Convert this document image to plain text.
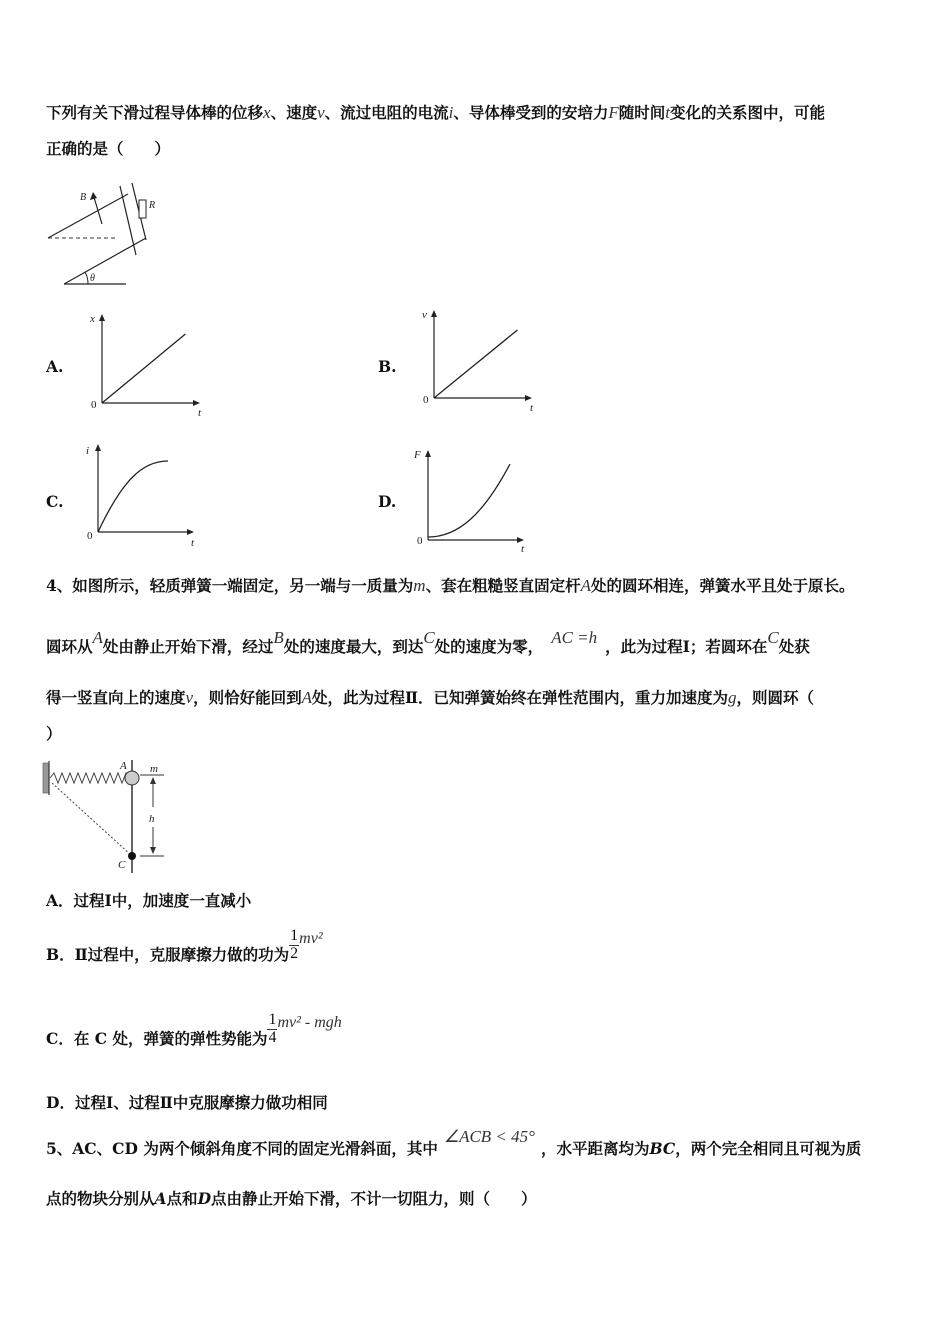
下列有关下滑过程导体棒的位移x、速度v、流过电阻的电流i、导体棒受到的安培力F随时间t变化的关系图中，可能
正确的是（　　）
B
R
θ
A.
x
t
0
B.
v
t
0
C.
i
t
0
D.
F
t
0
4、如图所示，轻质弹簧一端固定，另一端与一质量为m、套在粗糙竖直固定杆A处的圆环相连，弹簧水平且处于原长。
圆环从A处由静止开始下滑，经过B处的速度最大，到达C处的速度为零， AC =h ，此为过程Ⅰ；若圆环在C处获
得一竖直向上的速度v，则恰好能回到A处，此为过程Ⅱ．已知弹簧始终在弹性范围内，重力加速度为g，则圆环（
）
A m
h
C
A．过程Ⅰ中，加速度一直减小
B．Ⅱ过程中，克服摩擦力做的功为 $\frac{1}{2} mv^2$
C．在 C 处，弹簧的弹性势能为 $\frac{1}{4} mv^2$ - mgh
D．过程Ⅰ、过程Ⅱ中克服摩擦力做功相同
5、AC、CD 为两个倾斜角度不同的固定光滑斜面，其中∠ACB < 45°，水平距离均为BC，两个完全相同且可视为质
点的物块分别从A点和D点由静止开始下滑，不计一切阻力，则（　　）
